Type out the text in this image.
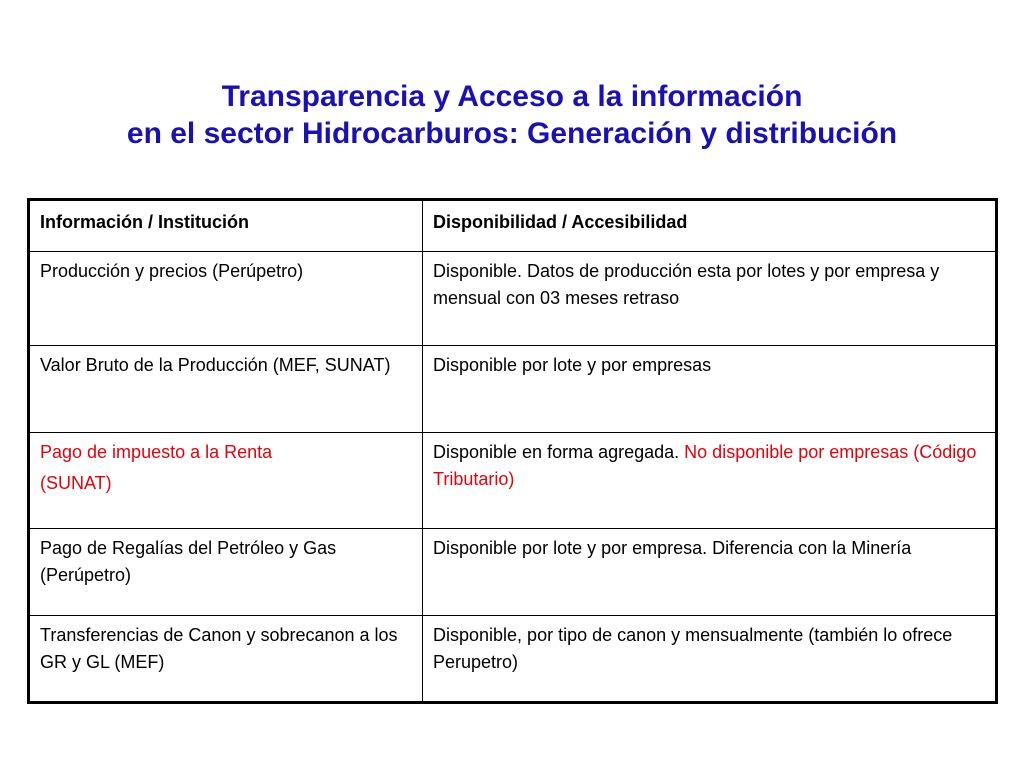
Transparencia y Acceso a la información
en el sector Hidrocarburos: Generación y distribución
Información / Institución	Disponibilidad / Accesibilidad
Producción y precios (Perúpetro)	Disponible. Datos de producción esta por lotes y por empresa y mensual con 03 meses retraso
Valor Bruto de la Producción (MEF, SUNAT)	Disponible por lote y por empresas

Pago de impuesto a la Renta
(SUNAT)	Disponible en forma agregada. No disponible por empresas (Código Tributario)
Pago de Regalías del Petróleo y Gas (Perúpetro)	Disponible por lote y por empresa. Diferencia con la Minería
Transferencias de Canon y sobrecanon a los GR y GL (MEF)	Disponible, por tipo de canon y mensualmente (también lo ofrece Perupetro)
